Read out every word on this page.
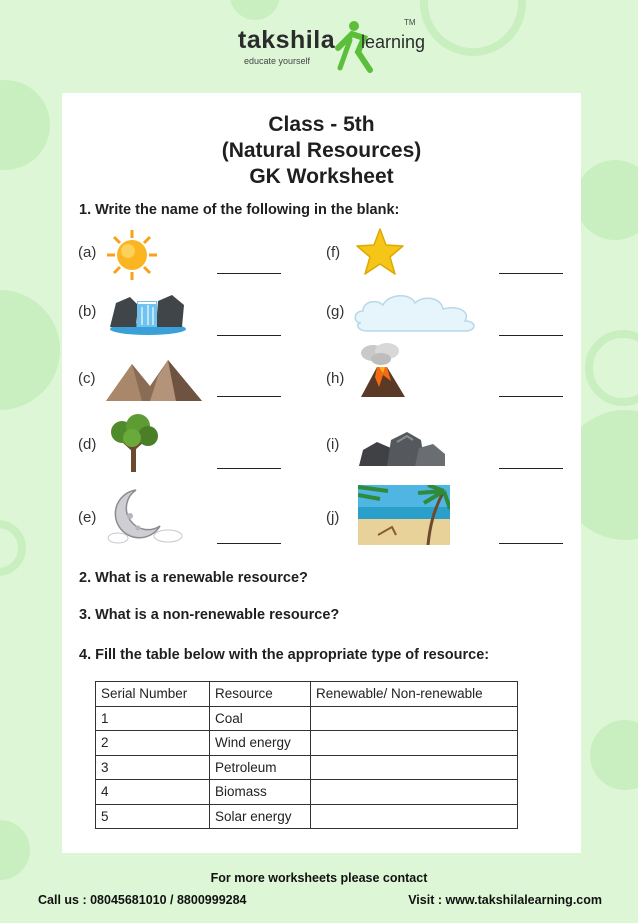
takshila learning
TM
educate yourself
Class - 5th
(Natural Resources)
GK Worksheet
1. Write the name of the following in the blank:
(a)
(b)
(c)
(d)
(e)
(f)
(g)
(h)
(i)
(j)
2. What is a renewable resource?
3. What is a non-renewable resource?
4. Fill the table below with the appropriate type of resource:
Serial Number	Resource	Renewable/ Non-renewable
1	Coal	
2	Wind energy	
3	Petroleum	
4	Biomass	
5	Solar energy	
For more worksheets please contact
Call us : 08045681010 / 8800999284	Visit : www.takshilalearning.com
